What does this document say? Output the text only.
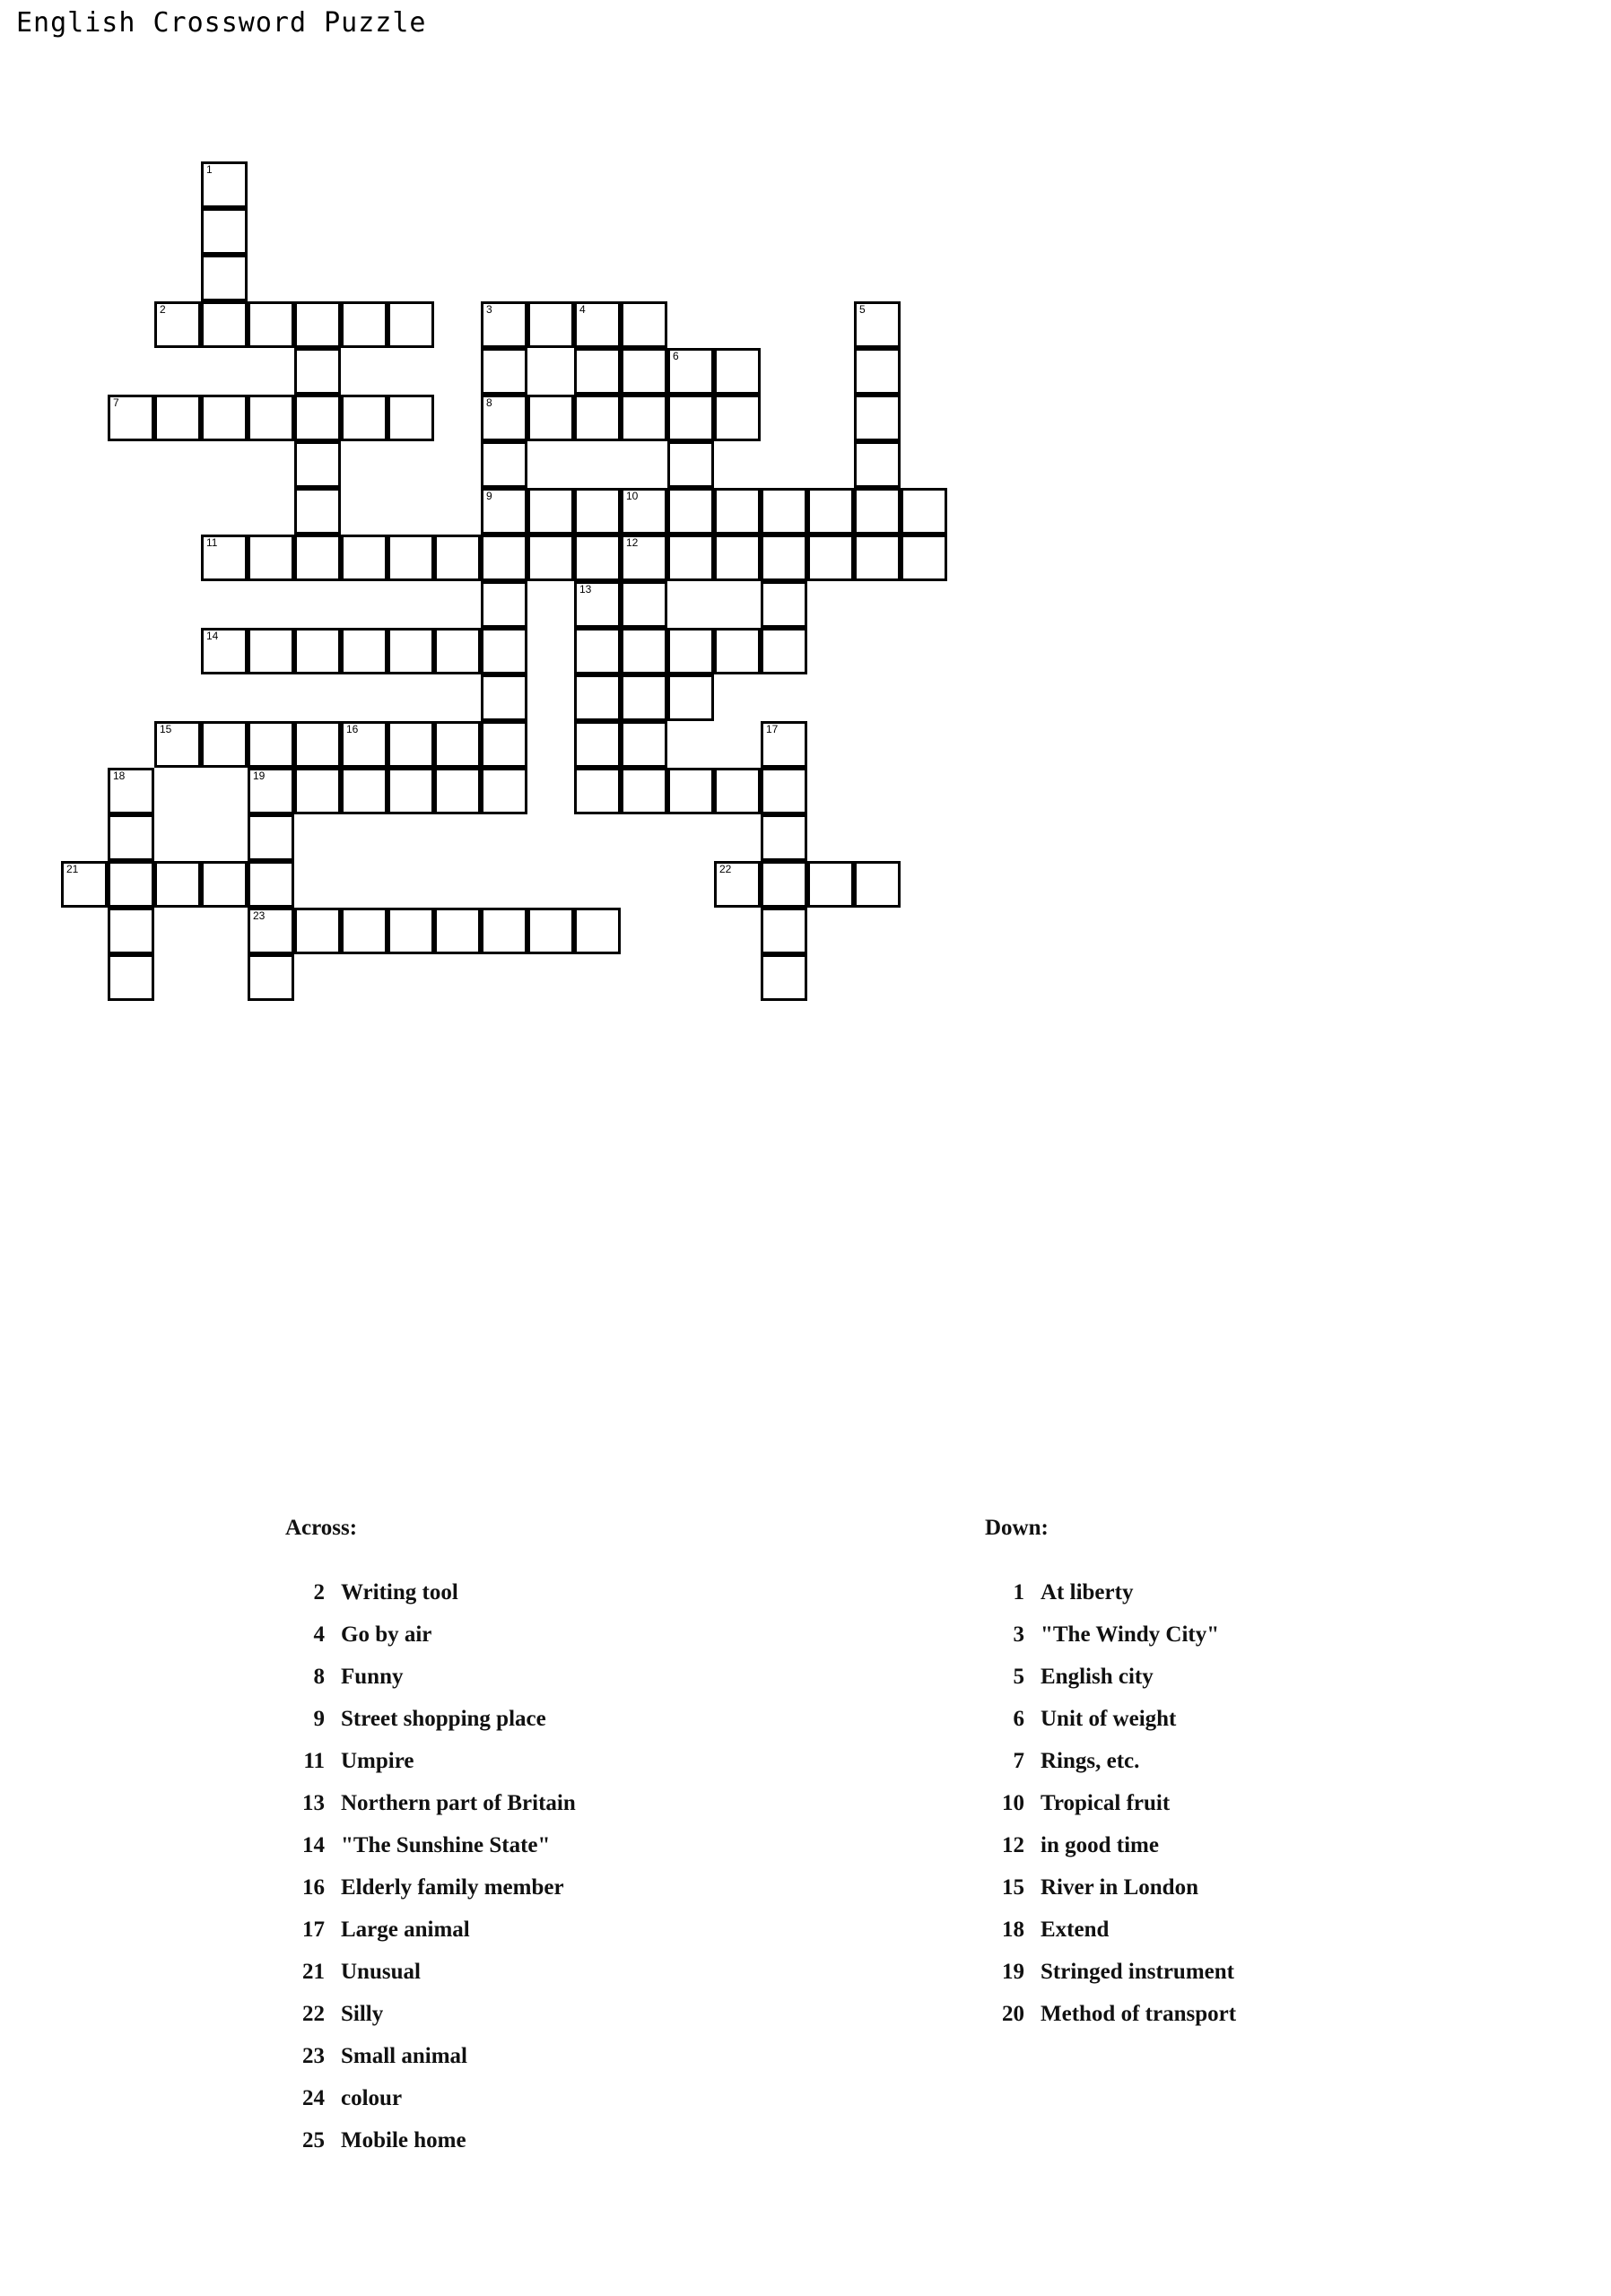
English Crossword Puzzle
1
2	3	4	5
6
7	8
9	10
11	12
13
14
15	16	17
18	19
21	22
23
Across:
2 Writing tool
4 Go by air
8 Funny
9 Street shopping place
11 Umpire
13 Northern part of Britain
14 "The Sunshine State"
16 Elderly family member
17 Large animal
21 Unusual
22 Silly
23 Small animal
24 colour
25 Mobile home
Down:
1 At liberty
3 "The Windy City"
5 English city
6 Unit of weight
7 Rings, etc.
10 Tropical fruit
12 in good time
15 River in London
18 Extend
19 Stringed instrument
20 Method of transport
